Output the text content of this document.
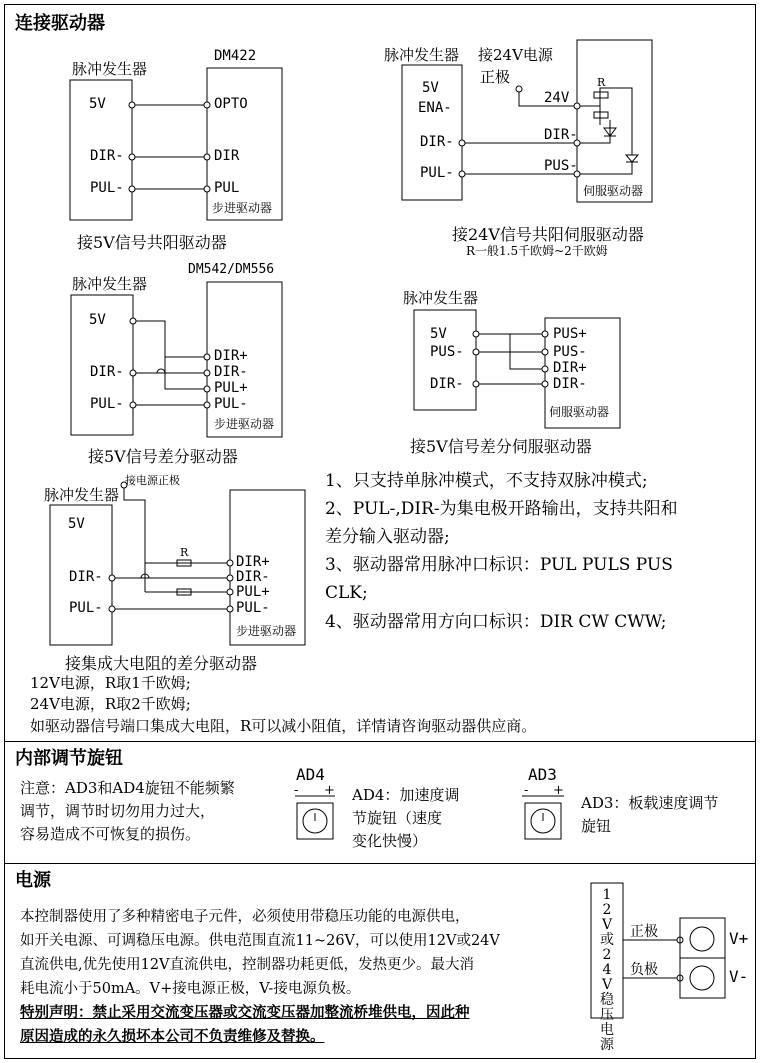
连接驱动器
脉冲发生器
DM422
5V
DIR-
PUL-
OPTO
DIR
PUL
步进驱动器
接5V信号共阳驱动器
脉冲发生器 接24V电源
正极
5V
ENA-
DIR-
PUL-
24V
R
DIR-
PUS-
伺服驱动器
接24V信号共阳伺服驱动器
R一般1.5千欧姆~2千欧姆
脉冲发生器
DM542/DM556
5V
DIR-
PUL-
DIR+
DIR-
PUL+
PUL-
步进驱动器
接5V信号差分驱动器
脉冲发生器
5V
PUS-
DIR-
PUS+
PUS-
DIR+
DIR-
伺服驱动器
接5V信号差分伺服驱动器
脉冲发生器
接电源正极
5V
DIR-
PUL-
R
DIR+
DIR-
PUL+
PUL-
步进驱动器
接集成大电阻的差分驱动器
1、只支持单脉冲模式，不支持双脉冲模式;
2、PUL-,DIR-为集电极开路输出，支持共阳和
差分输入驱动器;
3、驱动器常用脉冲口标识：PUL PULS PUS
CLK;
4、驱动器常用方向口标识：DIR CW CWW;
12V电源，R取1千欧姆;
24V电源，R取2千欧姆;
如驱动器信号端口集成大电阻，R可以减小阻值，详情请咨询驱动器供应商。
内部调节旋钮
注意：AD3和AD4旋钮不能频繁
调节，调节时切勿用力过大，
容易造成不可恢复的损伤。
AD4
- + AD4：加速度调
节旋钮（速度
变化快慢）
AD3
- +
AD3：板载速度调节
旋钮
电源
本控制器使用了多种精密电子元件，必须使用带稳压功能的电源供电，
如开关电源、可调稳压电源。供电范围直流11~26V，可以使用12V或24V
直流供电,优先使用12V直流供电，控制器功耗更低，发热更少。最大消
耗电流小于50mA。V+接电源正极，V-接电源负极。
特别声明：禁止采用交流变压器或交流变压器加整流桥堆供电，因此种
原因造成的永久损坏本公司不负责维修及替换。
12V或24V稳压电源
正极
负极
V+
V-
